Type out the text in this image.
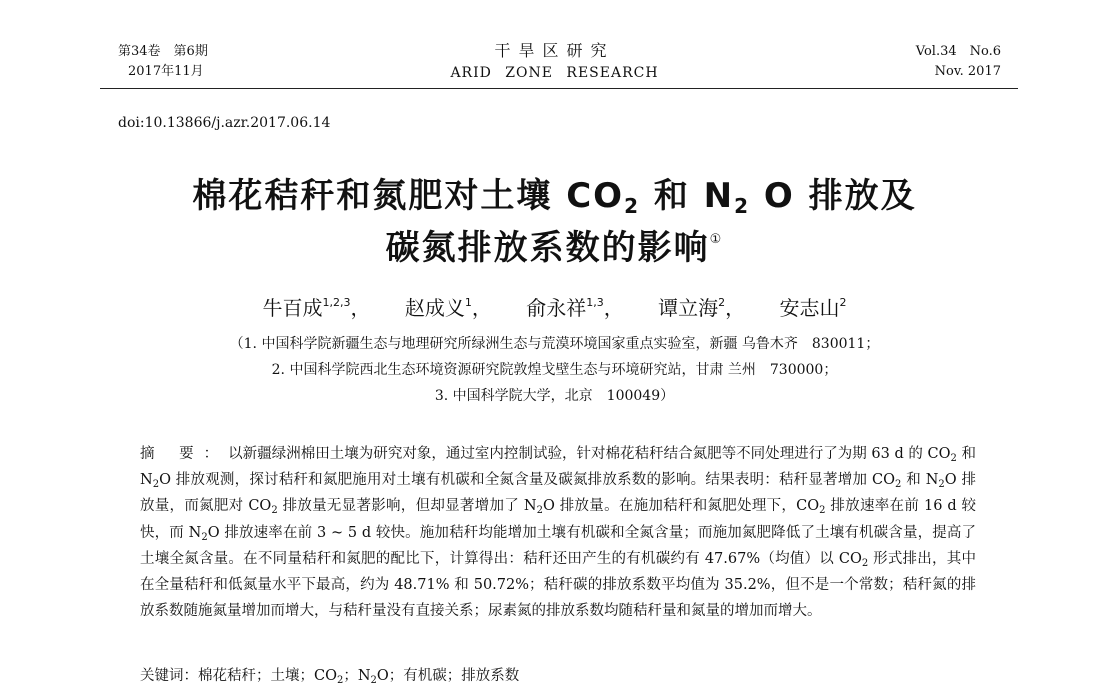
第34卷　第6期
2017年11月
干旱区研究
ARID ZONE RESEARCH
Vol.34　No.6
Nov. 2017
doi:10.13866/j.azr.2017.06.14
棉花秸秆和氮肥对土壤 $CO_2$ 和 $N_2$ O 排放及
碳氮排放系数的影响①
牛百成$^{1,2,3}$， 赵成义$^1$， 俞永祥$^{1,3}$， 谭立海$^2$， 安志山$^2$
（1. 中国科学院新疆生态与地理研究所绿洲生态与荒漠环境国家重点实验室，新疆 乌鲁木齐　830011；
2. 中国科学院西北生态环境资源研究院敦煌戈壁生态与环境研究站，甘肃 兰州　730000；
3. 中国科学院大学，北京　100049）
摘 要：以新疆绿洲棉田土壤为研究对象，通过室内控制试验，针对棉花秸秆结合氮肥等不同处理进行了为期 63 d 的 $CO_2$ 和 $N_2O$ 排放观测，探讨秸秆和氮肥施用对土壤有机碳和全氮含量及碳氮排放系数的影响。结果表明：秸秆显著增加 $CO_2$ 和 $N_2O$ 排放量，而氮肥对 $CO_2$ 排放量无显著影响，但却显著增加了 $N_2O$ 排放量。在施加秸秆和氮肥处理下，$CO_2$ 排放速率在前 16 d 较快，而 $N_2O$ 排放速率在前 3 ~ 5 d 较快。施加秸秆均能增加土壤有机碳和全氮含量；而施加氮肥降低了土壤有机碳含量，提高了土壤全氮含量。在不同量秸秆和氮肥的配比下，计算得出：秸秆还田产生的有机碳约有 47.67%（均值）以 $CO_2$ 形式排出，其中在全量秸秆和低氮量水平下最高，约为 48.71% 和 50.72%；秸秆碳的排放系数平均值为 35.2%，但不是一个常数；秸秆氮的排放系数随施氮量增加而增大，与秸秆量没有直接关系；尿素氮的排放系数均随秸秆量和氮量的增加而增大。
关键词：棉花秸秆；土壤；$CO_2$；$N_2O$；有机碳；排放系数
